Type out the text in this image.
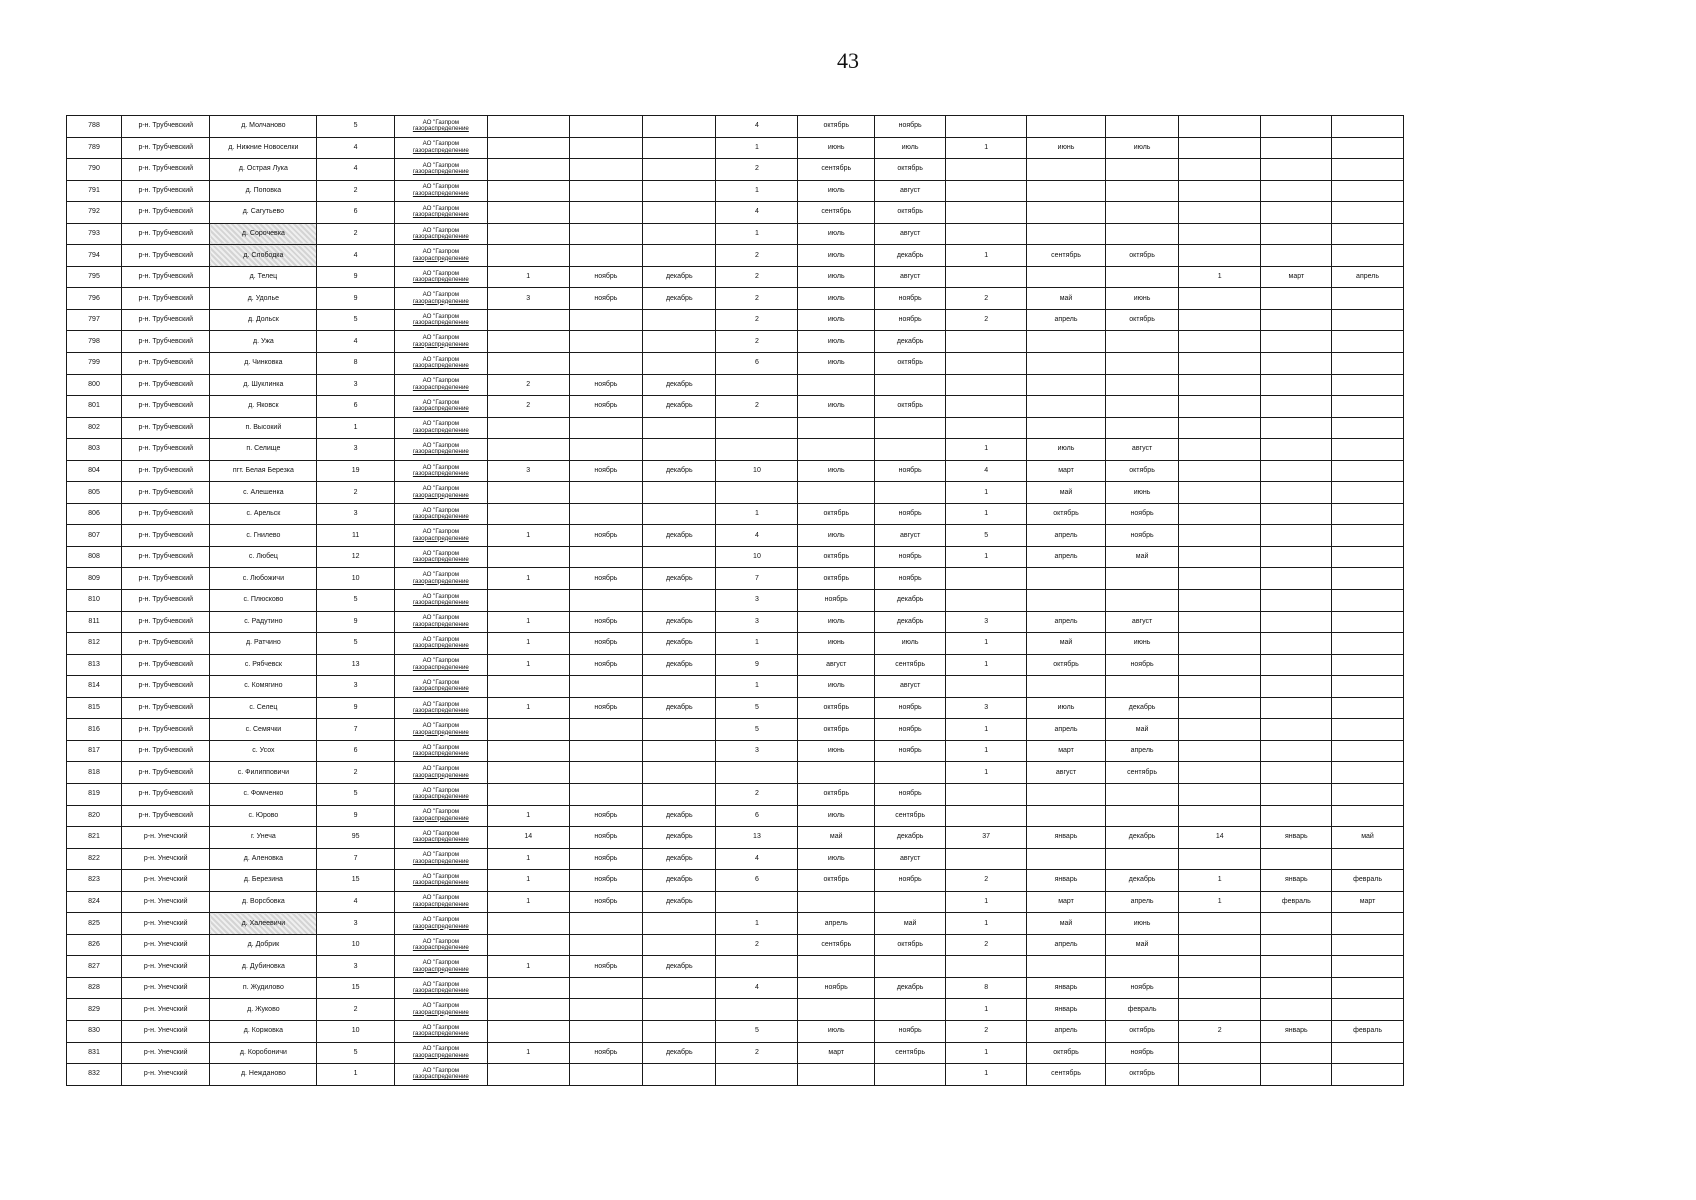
43
788	р-н. Трубчевский	д. Молчаново	5	АО "Газпром
газораспределение				4	октябрь	ноябрь						
789	р-н. Трубчевский	д. Нижние Новоселки	4	АО "Газпром
газораспределение				1	июнь	июль	1	июнь	июль			
790	р-н. Трубчевский	д. Острая Лука	4	АО "Газпром
газораспределение				2	сентябрь	октябрь						
791	р-н. Трубчевский	д. Поповка	2	АО "Газпром
газораспределение				1	июль	август						
792	р-н. Трубчевский	д. Сагутьево	6	АО "Газпром
газораспределение				4	сентябрь	октябрь						
793	р-н. Трубчевский	д. Сорочевка	2	АО "Газпром
газораспределение				1	июль	август						
794	р-н. Трубчевский	д. Слободка	4	АО "Газпром
газораспределение				2	июль	декабрь	1	сентябрь	октябрь			
795	р-н. Трубчевский	д. Телец	9	АО "Газпром
газораспределение	1	ноябрь	декабрь	2	июль	август				1	март	апрель
796	р-н. Трубчевский	д. Удолье	9	АО "Газпром
газораспределение	3	ноябрь	декабрь	2	июль	ноябрь	2	май	июнь			
797	р-н. Трубчевский	д. Дольск	5	АО "Газпром
газораспределение				2	июль	ноябрь	2	апрель	октябрь			
798	р-н. Трубчевский	д. Ужа	4	АО "Газпром
газораспределение				2	июль	декабрь						
799	р-н. Трубчевский	д. Чинковка	8	АО "Газпром
газораспределение				6	июль	октябрь						
800	р-н. Трубчевский	д. Шуклинка	3	АО "Газпром
газораспределение	2	ноябрь	декабрь									
801	р-н. Трубчевский	д. Яковск	6	АО "Газпром
газораспределение	2	ноябрь	декабрь	2	июль	октябрь						
802	р-н. Трубчевский	п. Высокий	1	АО "Газпром
газораспределение												

803	р-н. Трубчевский	п. Селище	3	АО "Газпром
газораспределение							1	июль	август			
804	р-н. Трубчевский	пгт. Белая Березка	19	АО "Газпром
газораспределение	3	ноябрь	декабрь	10	июль	ноябрь	4	март	октябрь			
805	р-н. Трубчевский	с. Алешенка	2	АО "Газпром
газораспределение							1	май	июнь			
806	р-н. Трубчевский	с. Арельск	3	АО "Газпром
газораспределение				1	октябрь	ноябрь	1	октябрь	ноябрь			
807	р-н. Трубчевский	с. Гнилево	11	АО "Газпром
газораспределение	1	ноябрь	декабрь	4	июль	август	5	апрель	ноябрь			
808	р-н. Трубчевский	с. Любец	12	АО "Газпром
газораспределение				10	октябрь	ноябрь	1	апрель	май			
809	р-н. Трубчевский	с. Любожичи	10	АО "Газпром
газораспределение	1	ноябрь	декабрь	7	октябрь	ноябрь						
810	р-н. Трубчевский	с. Плюсково	5	АО "Газпром
газораспределение				3	ноябрь	декабрь						
811	р-н. Трубчевский	с. Радутино	9	АО "Газпром
газораспределение	1	ноябрь	декабрь	3	июль	декабрь	3	апрель	август			
812	р-н. Трубчевский	д. Ратчино	5	АО "Газпром
газораспределение	1	ноябрь	декабрь	1	июнь	июль	1	май	июнь			
813	р-н. Трубчевский	с. Рябчевск	13	АО "Газпром
газораспределение	1	ноябрь	декабрь	9	август	сентябрь	1	октябрь	ноябрь			
814	р-н. Трубчевский	с. Комягино	3	АО "Газпром
газораспределение				1	июль	август						
815	р-н. Трубчевский	с. Селец	9	АО "Газпром
газораспределение	1	ноябрь	декабрь	5	октябрь	ноябрь	3	июль	декабрь			
816	р-н. Трубчевский	с. Семячки	7	АО "Газпром
газораспределение				5	октябрь	ноябрь	1	апрель	май			
817	р-н. Трубчевский	с. Усох	6	АО "Газпром
газораспределение				3	июнь	ноябрь	1	март	апрель			
818	р-н. Трубчевский	с. Филипповичи	2	АО "Газпром
газораспределение							1	август	сентябрь			
819	р-н. Трубчевский	с. Фомченко	5	АО "Газпром
газораспределение				2	октябрь	ноябрь						
820	р-н. Трубчевский	с. Юрово	9	АО "Газпром
газораспределение	1	ноябрь	декабрь	6	июль	сентябрь						
821	р-н. Унечский	г. Унеча	95	АО "Газпром
газораспределение	14	ноябрь	декабрь	13	май	декабрь	37	январь	декабрь	14	январь	май
822	р-н. Унечский	д. Аленовка	7	АО "Газпром
газораспределение	1	ноябрь	декабрь	4	июль	август						
823	р-н. Унечский	д. Березина	15	АО "Газпром
газораспределение	1	ноябрь	декабрь	6	октябрь	ноябрь	2	январь	декабрь	1	январь	февраль
824	р-н. Унечский	д. Ворсбовка	4	АО "Газпром
газораспределение	1	ноябрь	декабрь				1	март	апрель	1	февраль	март
825	р-н. Унечский	д. Халеевичи	3	АО "Газпром
газораспределение				1	апрель	май	1	май	июнь			
826	р-н. Унечский	д. Добрик	10	АО "Газпром
газораспределение				2	сентябрь	октябрь	2	апрель	май			
827	р-н. Унечский	д. Дубиновка	3	АО "Газпром
газораспределение	1	ноябрь	декабрь									
828	р-н. Унечский	п. Жудилово	15	АО "Газпром
газораспределение				4	ноябрь	декабрь	8	январь	ноябрь			
829	р-н. Унечский	д. Жуково	2	АО "Газпром
газораспределение							1	январь	февраль			
830	р-н. Унечский	д. Коржовка	10	АО "Газпром
газораспределение				5	июль	ноябрь	2	апрель	октябрь	2	январь	февраль
831	р-н. Унечский	д. Коробоничи	5	АО "Газпром
газораспределение	1	ноябрь	декабрь	2	март	сентябрь	1	октябрь	ноябрь			
832	р-н. Унечский	д. Неждановo	1	АО "Газпром
газораспределение							1	сентябрь	октябрь			
